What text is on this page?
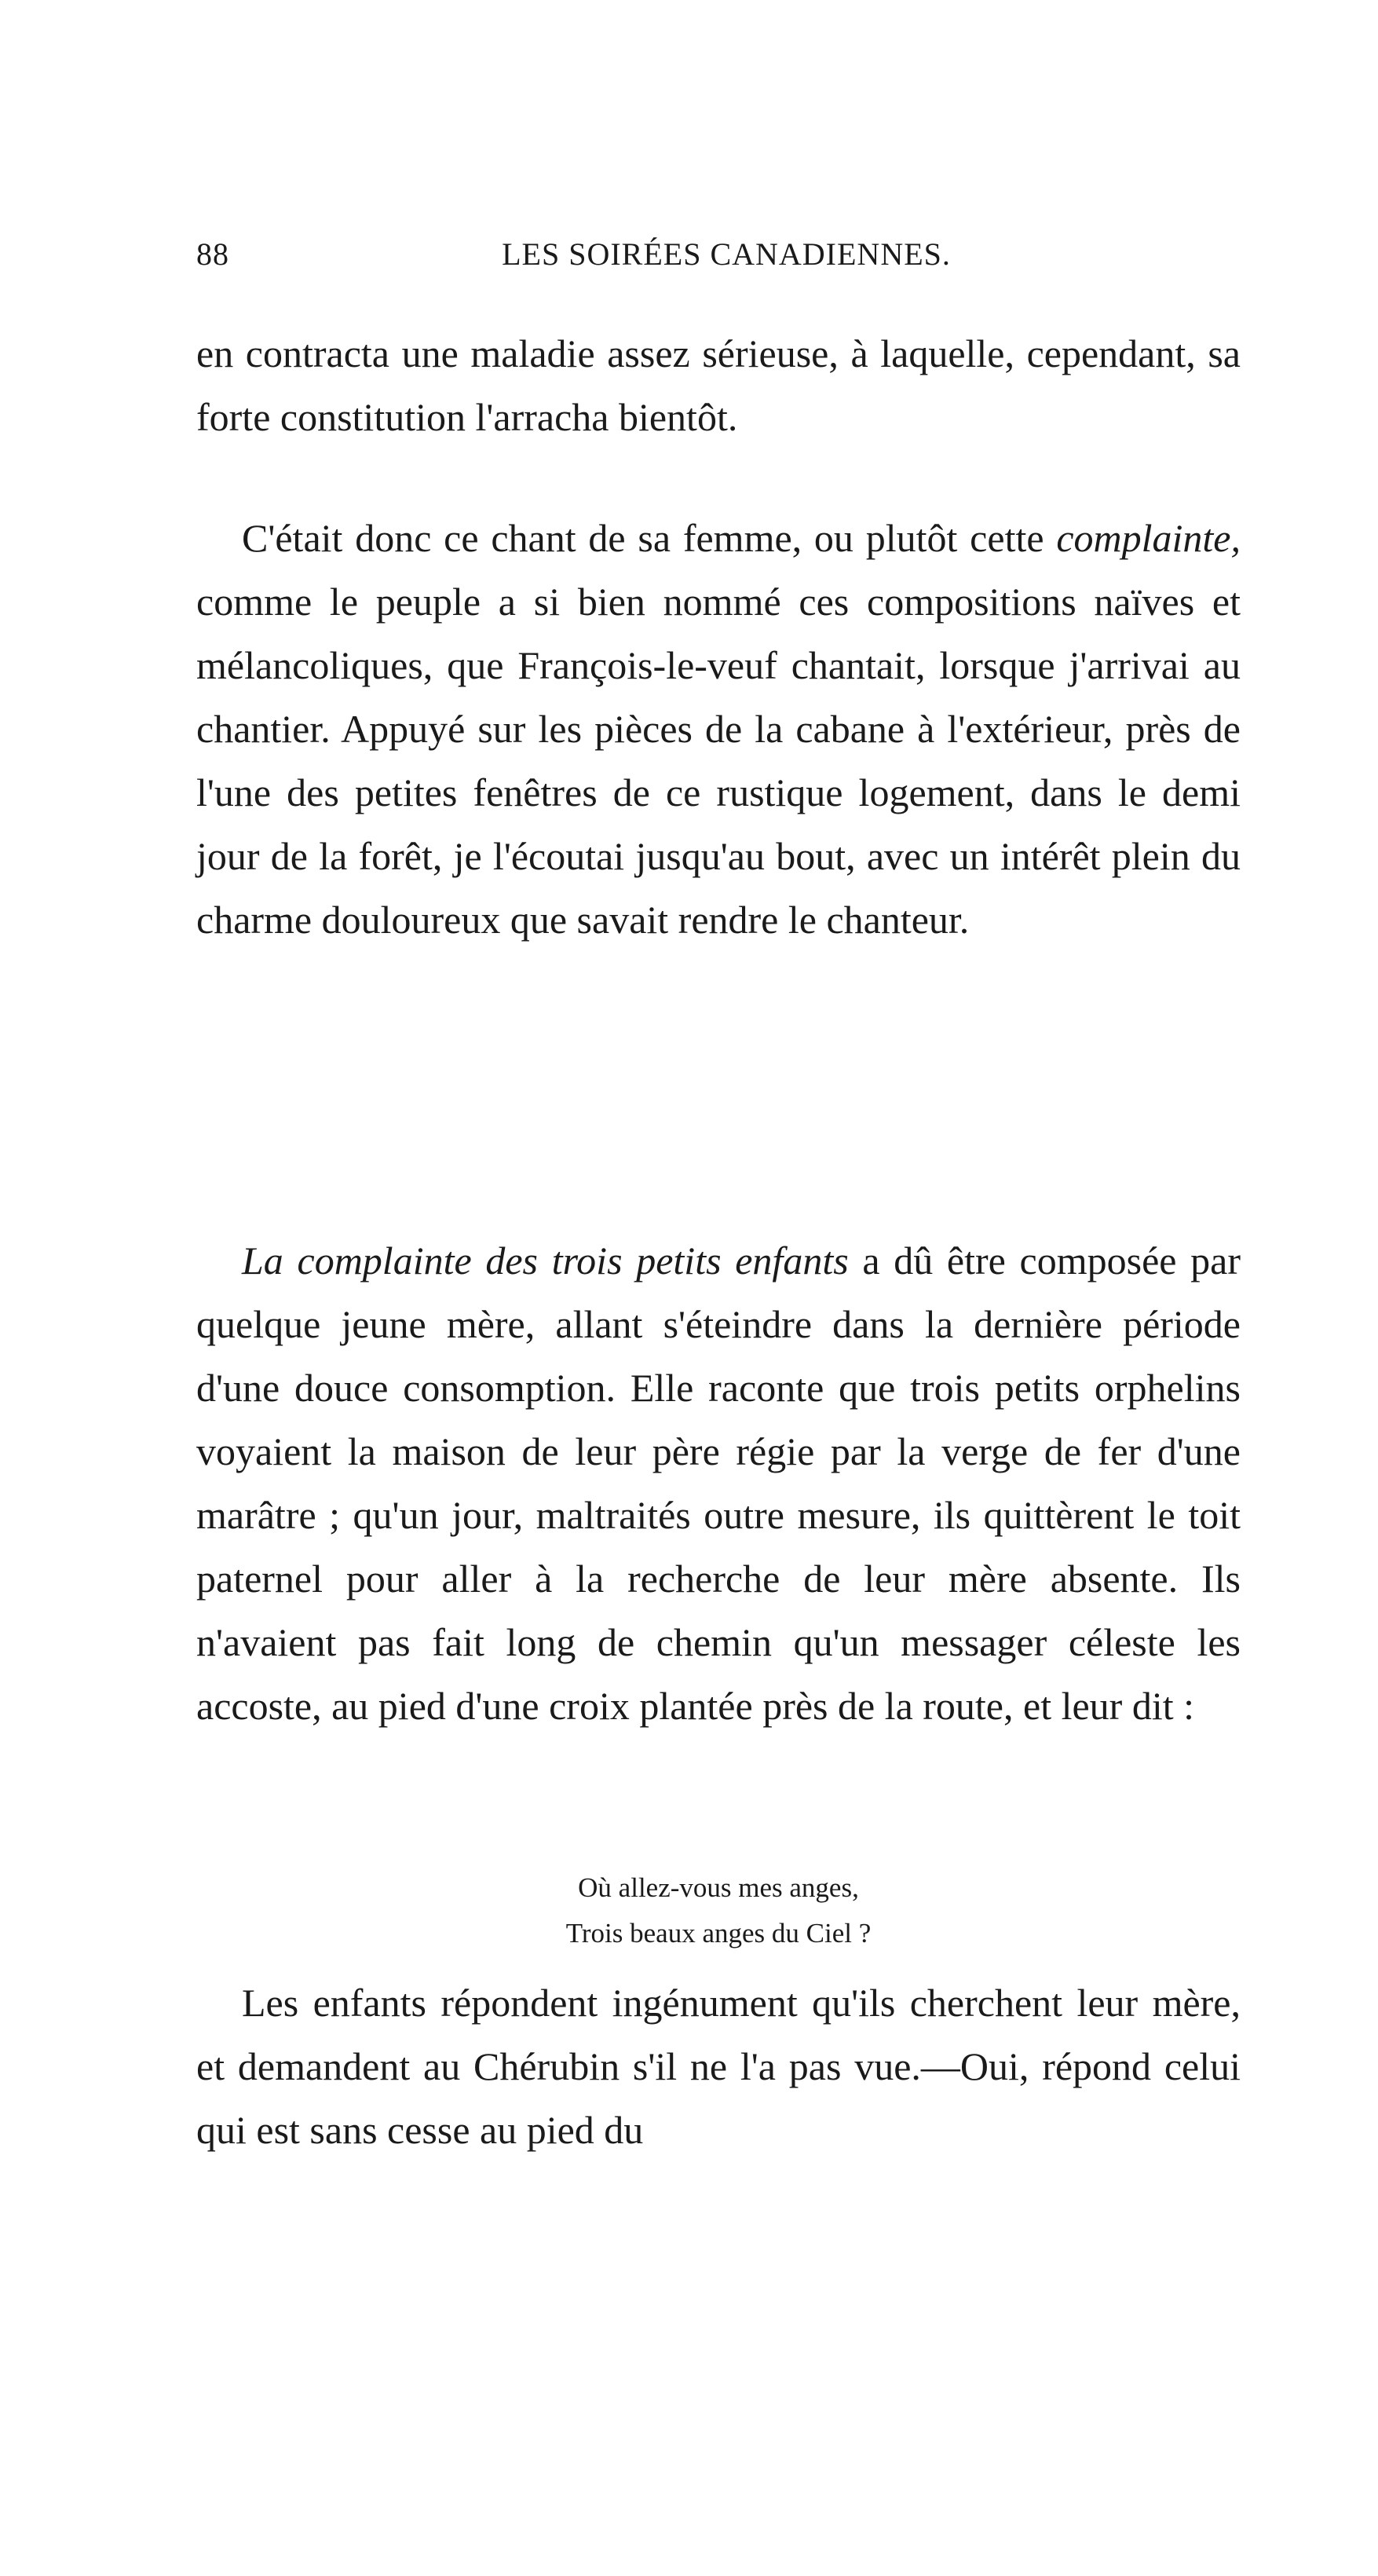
88	LES SOIRÉES CANADIENNES.

en contracta une maladie assez sérieuse, à laquelle, cependant, sa forte constitution l'arracha bientôt.

C'était donc ce chant de sa femme, ou plutôt cette complainte, comme le peuple a si bien nommé ces compositions naïves et mélancoliques, que François-le-veuf chantait, lorsque j'arrivai au chantier. Appuyé sur les pièces de la cabane à l'extérieur, près de l'une des petites fenêtres de ce rustique logement, dans le demi jour de la forêt, je l'écoutai jusqu'au bout, avec un intérêt plein du charme douloureux que savait rendre le chanteur.

La complainte des trois petits enfants a dû être composée par quelque jeune mère, allant s'éteindre dans la dernière période d'une douce consomption. Elle raconte que trois petits orphelins voyaient la maison de leur père régie par la verge de fer d'une marâtre ; qu'un jour, maltraités outre mesure, ils quittèrent le toit paternel pour aller à la recherche de leur mère absente. Ils n'avaient pas fait long de chemin qu'un messager céleste les accoste, au pied d'une croix plantée près de la route, et leur dit :

Où allez-vous mes anges,
Trois beaux anges du Ciel ?

Les enfants répondent ingénument qu'ils cherchent leur mère, et demandent au Chérubin s'il ne l'a pas vue.—Oui, répond celui qui est sans cesse au pied du
